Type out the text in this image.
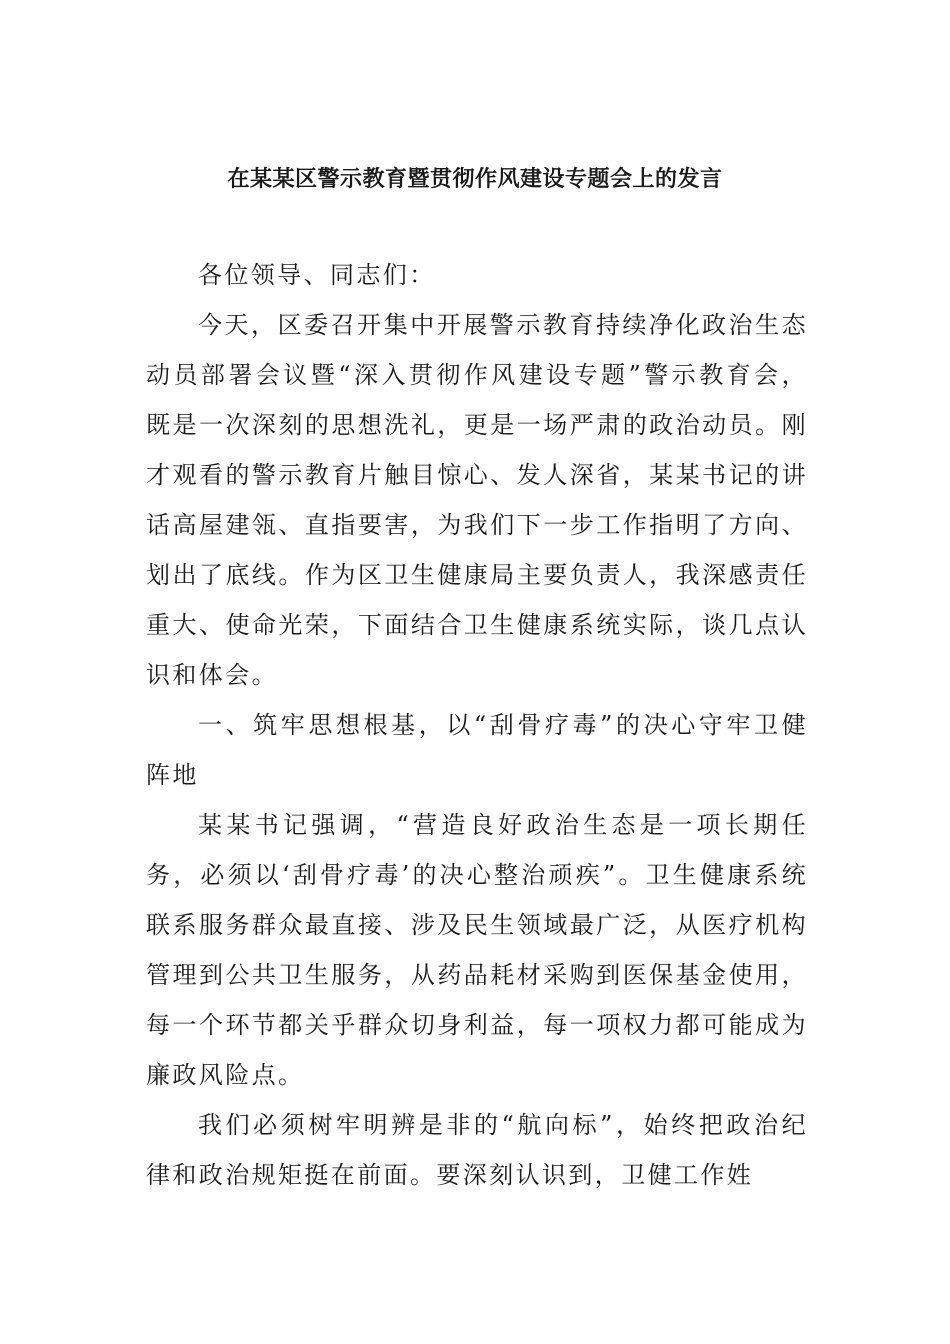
在某某区警示教育暨贯彻作风建设专题会上的发言

各位领导、同志们：

今天，区委召开集中开展警示教育持续净化政治生态动员部署会议暨“深入贯彻作风建设专题”警示教育会，既是一次深刻的思想洗礼，更是一场严肃的政治动员。刚才观看的警示教育片触目惊心、发人深省，某某书记的讲话高屋建瓴、直指要害，为我们下一步工作指明了方向、划出了底线。作为区卫生健康局主要负责人，我深感责任重大、使命光荣，下面结合卫生健康系统实际，谈几点认识和体会。

一、筑牢思想根基，以“刮骨疗毒”的决心守牢卫健阵地

某某书记强调，“营造良好政治生态是一项长期任务，必须以‘刮骨疗毒’的决心整治顽疾”。卫生健康系统联系服务群众最直接、涉及民生领域最广泛，从医疗机构管理到公共卫生服务，从药品耗材采购到医保基金使用，每一个环节都关乎群众切身利益，每一项权力都可能成为廉政风险点。

我们必须树牢明辨是非的“航向标”，始终把政治纪律和政治规矩挺在前面。要深刻认识到，卫健工作姓
